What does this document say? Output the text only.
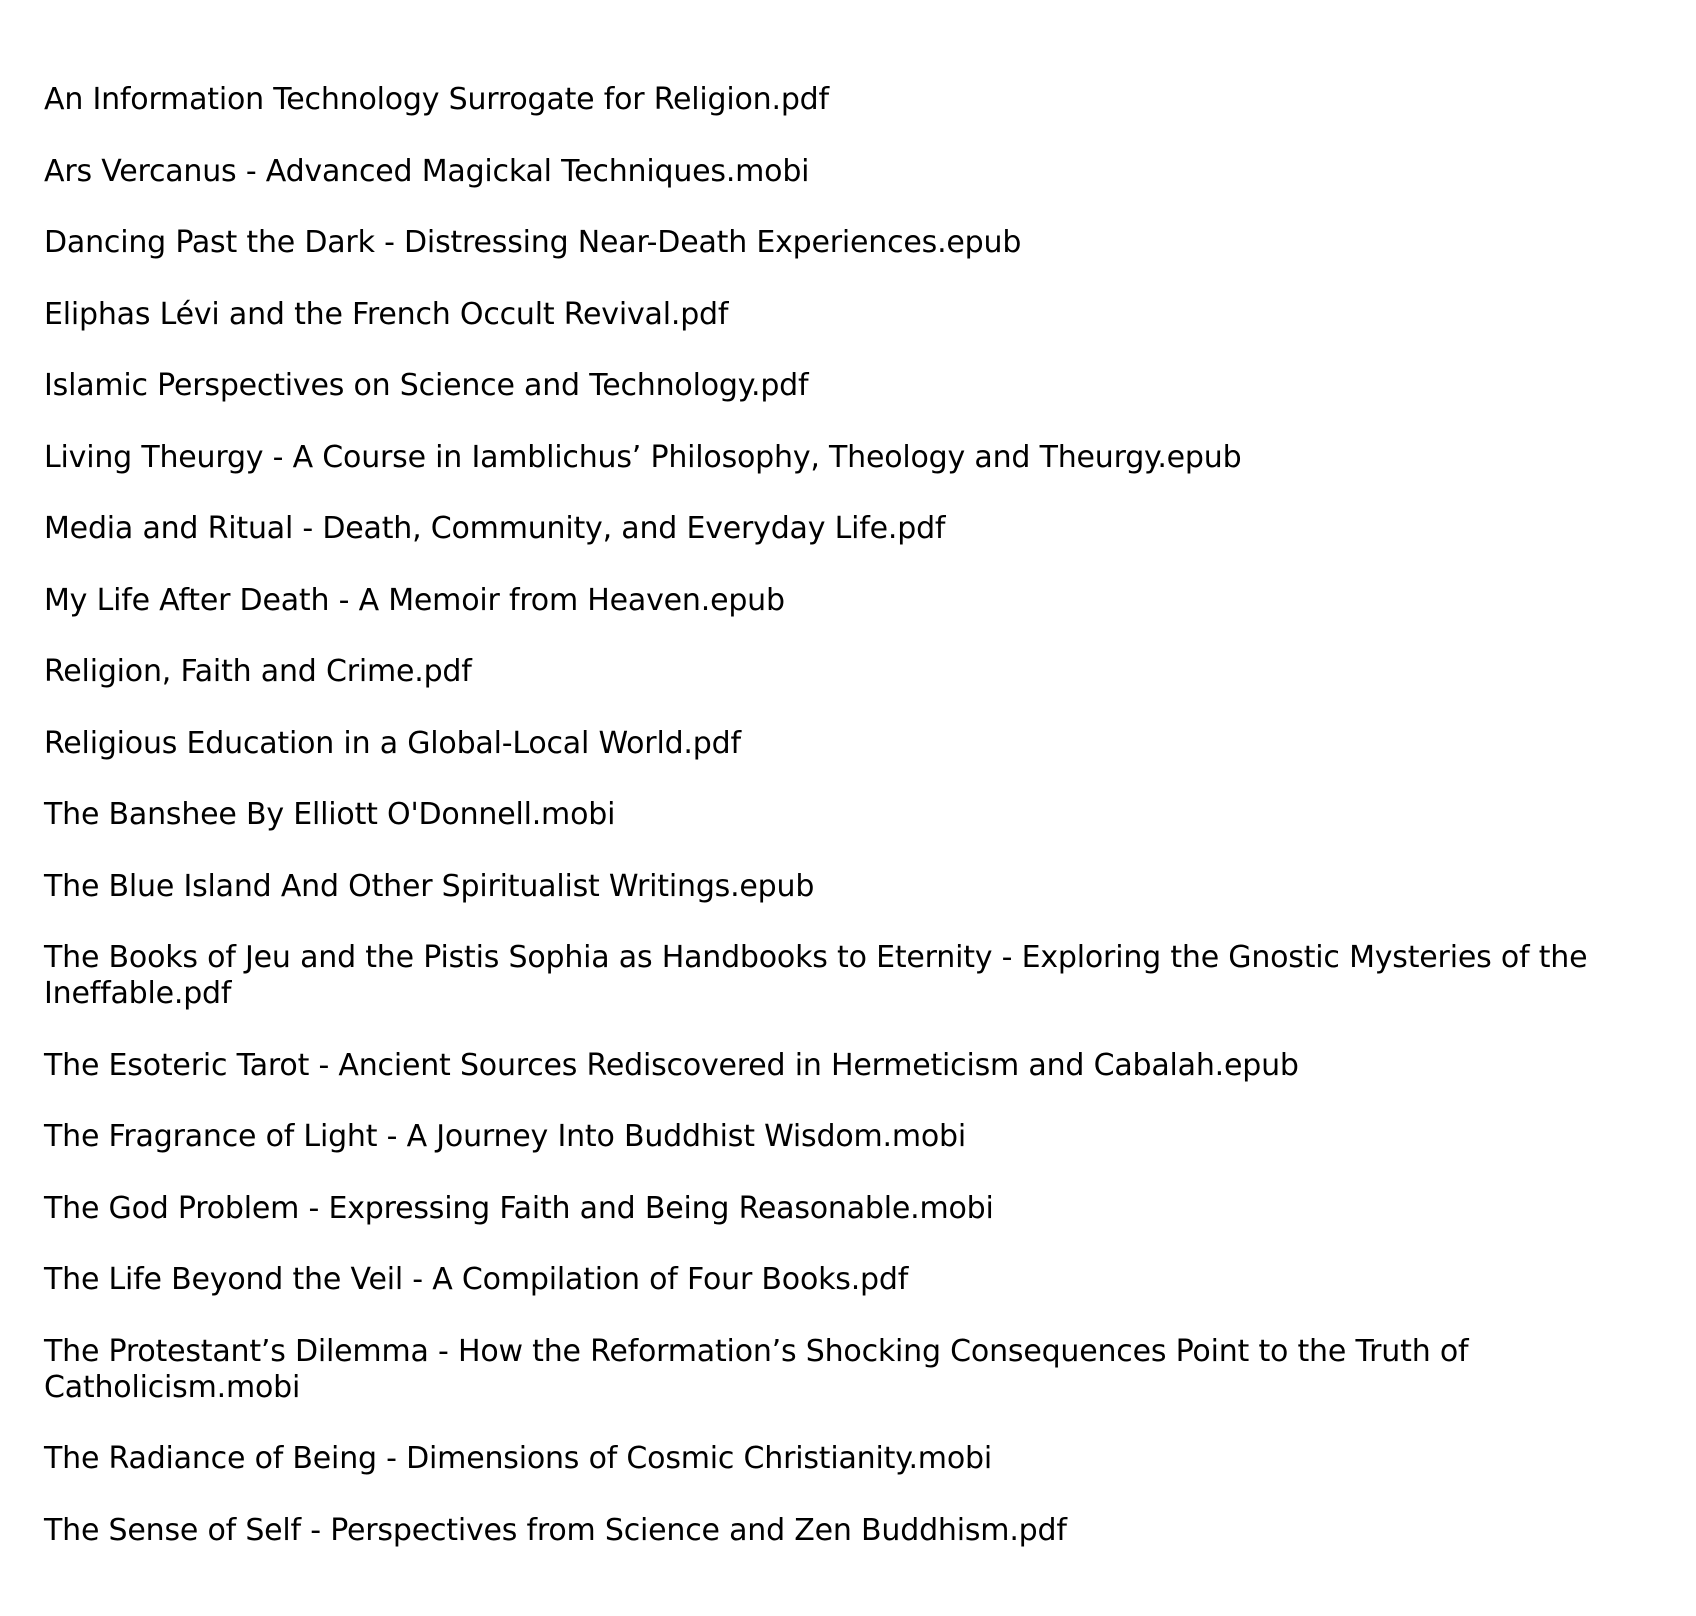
An Information Technology Surrogate for Religion.pdf
Ars Vercanus - Advanced Magickal Techniques.mobi
Dancing Past the Dark - Distressing Near-Death Experiences.epub
Eliphas Lévi and the French Occult Revival.pdf
Islamic Perspectives on Science and Technology.pdf
Living Theurgy - A Course in Iamblichus’ Philosophy, Theology and Theurgy.epub
Media and Ritual - Death, Community, and Everyday Life.pdf
My Life After Death - A Memoir from Heaven.epub
Religion, Faith and Crime.pdf
Religious Education in a Global-Local World.pdf
The Banshee By Elliott O'Donnell.mobi
The Blue Island And Other Spiritualist Writings.epub
The Books of Jeu and the Pistis Sophia as Handbooks to Eternity - Exploring the Gnostic Mysteries of the Ineffable.pdf
The Esoteric Tarot - Ancient Sources Rediscovered in Hermeticism and Cabalah.epub
The Fragrance of Light - A Journey Into Buddhist Wisdom.mobi
The God Problem - Expressing Faith and Being Reasonable.mobi
The Life Beyond the Veil - A Compilation of Four Books.pdf
The Protestant’s Dilemma - How the Reformation’s Shocking Consequences Point to the Truth of Catholicism.mobi
The Radiance of Being - Dimensions of Cosmic Christianity.mobi
The Sense of Self - Perspectives from Science and Zen Buddhism.pdf
